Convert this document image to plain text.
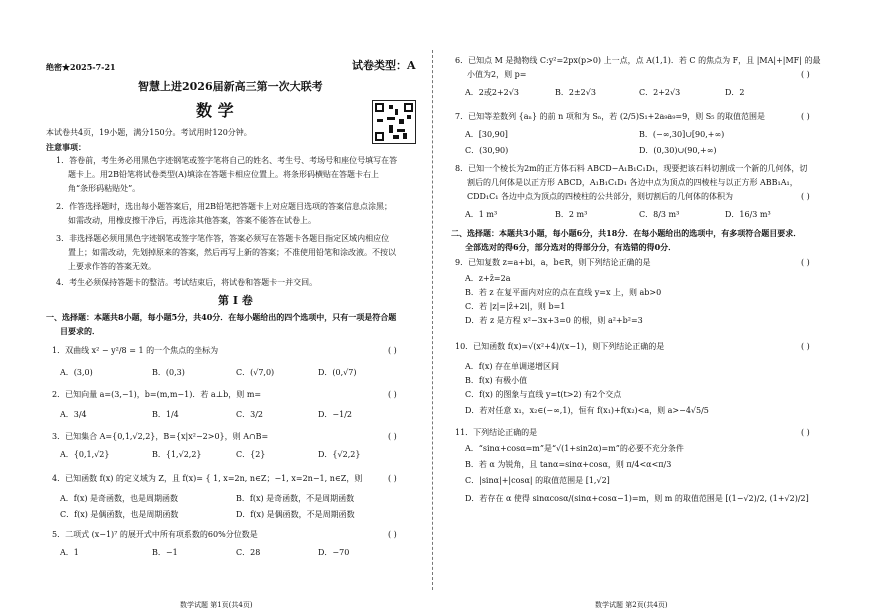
绝密★2025-7-21	试卷类型：A
智慧上进2026届新高三第一次大联考
数 学
本试卷共4页，19小题，满分150分。考试用时120分钟。
注意事项：
1．答卷前，考生务必用黑色字迹钢笔或签字笔将自己的姓名、考生号、考场号和座位号填写在答
题卡上。用2B铅笔将试卷类型(A)填涂在答题卡相应位置上。将条形码横贴在答题卡右上
角“条形码粘贴处”。
2．作答选择题时，选出每小题答案后，用2B铅笔把答题卡上对应题目选项的答案信息点涂黑；
如需改动，用橡皮擦干净后，再选涂其他答案，答案不能答在试卷上。
3．非选择题必须用黑色字迹钢笔或签字笔作答，答案必须写在答题卡各题目指定区域内相应位
置上；如需改动，先划掉原来的答案，然后再写上新的答案；不准使用铅笔和涂改液。不按以
上要求作答的答案无效。
4．考生必须保持答题卡的整洁。考试结束后，将试卷和答题卡一并交回。
第 Ⅰ 卷
一、选择题：本题共8小题，每小题5分，共40分．在每小题给出的四个选项中，只有一项是符合题
目要求的．
1．双曲线 x² − y²/8 = 1 的一个焦点的坐标为	( )
A．(3,0)	B．(0,3)	C．(√7,0)	D．(0,√7)
2．已知向量 a=(3,−1)，b=(m,m−1)．若 a⊥b，则 m=	( )
A．3/4	B．1/4	C．3/2	D．−1/2
3．已知集合 A={0,1,√2,2}，B={x|x²−2>0}，则 A∩B=	( )
A．{0,1,√2}	B．{1,√2,2}	C．{2}	D．{√2,2}
4．已知函数 f(x) 的定义域为 Z，且 f(x)= { 1, x=2n, n∈Z；−1, x=2n−1, n∈Z，则	( )
A．f(x) 是奇函数，也是周期函数	B．f(x) 是奇函数，不是周期函数
C．f(x) 是偶函数，也是周期函数	D．f(x) 是偶函数，不是周期函数
5．二项式 (x−1)⁷ 的展开式中所有项系数的60%分位数是	( )
A．1	B．−1	C．28	D．−70
数学试题 第1页(共4页)
6．已知点 M 是抛物线 C:y²=2px(p>0) 上一点，点 A(1,1)．若 C 的焦点为 F，且 |MA|+|MF| 的最
小值为2，则 p=	( )
A．2或2+2√3	B．2±2√3	C．2+2√3	D．2
7．已知等差数列 {aₙ} 的前 n 项和为 Sₙ，若 (2/5)S₁+2a₉a₉=9，则 S₅ 的取值范围是	( )
A．[30,90]	B．(−∞,30]∪[90,+∞)
C．(30,90)	D．(0,30)∪(90,+∞)
8．已知一个棱长为2m的正方体石料 ABCD−A₁B₁C₁D₁，现要把该石料切割成一个新的几何体，切
割后的几何体是以正方形 ABCD，A₁B₁C₁D₁ 各边中点为顶点的四棱柱与以正方形 ABB₁A₁，
CDD₁C₁ 各边中点为顶点的四棱柱的公共部分，则切割后的几何体的体积为	( )
A．1 m³	B．2 m³	C．8/3 m³	D．16/3 m³
二、选择题：本题共3小题，每小题6分，共18分．在每小题给出的选项中，有多项符合题目要求．
全部选对的得6分，部分选对的得部分分，有选错的得0分．
9．已知复数 z=a+bi，a，b∈R，则下列结论正确的是	( )
A．z+z̄=2a
B．若 z 在复平面内对应的点在直线 y=x 上，则 ab>0
C．若 |z|=|z̄+2i|，则 b=1
D．若 z 是方程 x²−3x+3=0 的根，则 a²+b²=3
10．已知函数 f(x)=√(x²+4)/(x−1)，则下列结论正确的是	( )
A．f(x) 存在单调递增区间
B．f(x) 有极小值
C．f(x) 的图象与直线 y=t(t>2) 有2个交点
D．若对任意 x₁，x₂∈(−∞,1)，恒有 f(x₁)+f(x₂)<a，则 a>−4√5/5
11．下列结论正确的是	( )
A．“sinα+cosα=m”是“√(1+sin2α)=m”的必要不充分条件
B．若 α 为锐角，且 tanα=sinα+cosα，则 π/4<α<π/3
C．|sinα|+|cosα| 的取值范围是 [1,√2]
D．若存在 α 使得 sinαcosα/(sinα+cosα−1)=m，则 m 的取值范围是 [(1−√2)/2, (1+√2)/2]
数学试题 第2页(共4页)
